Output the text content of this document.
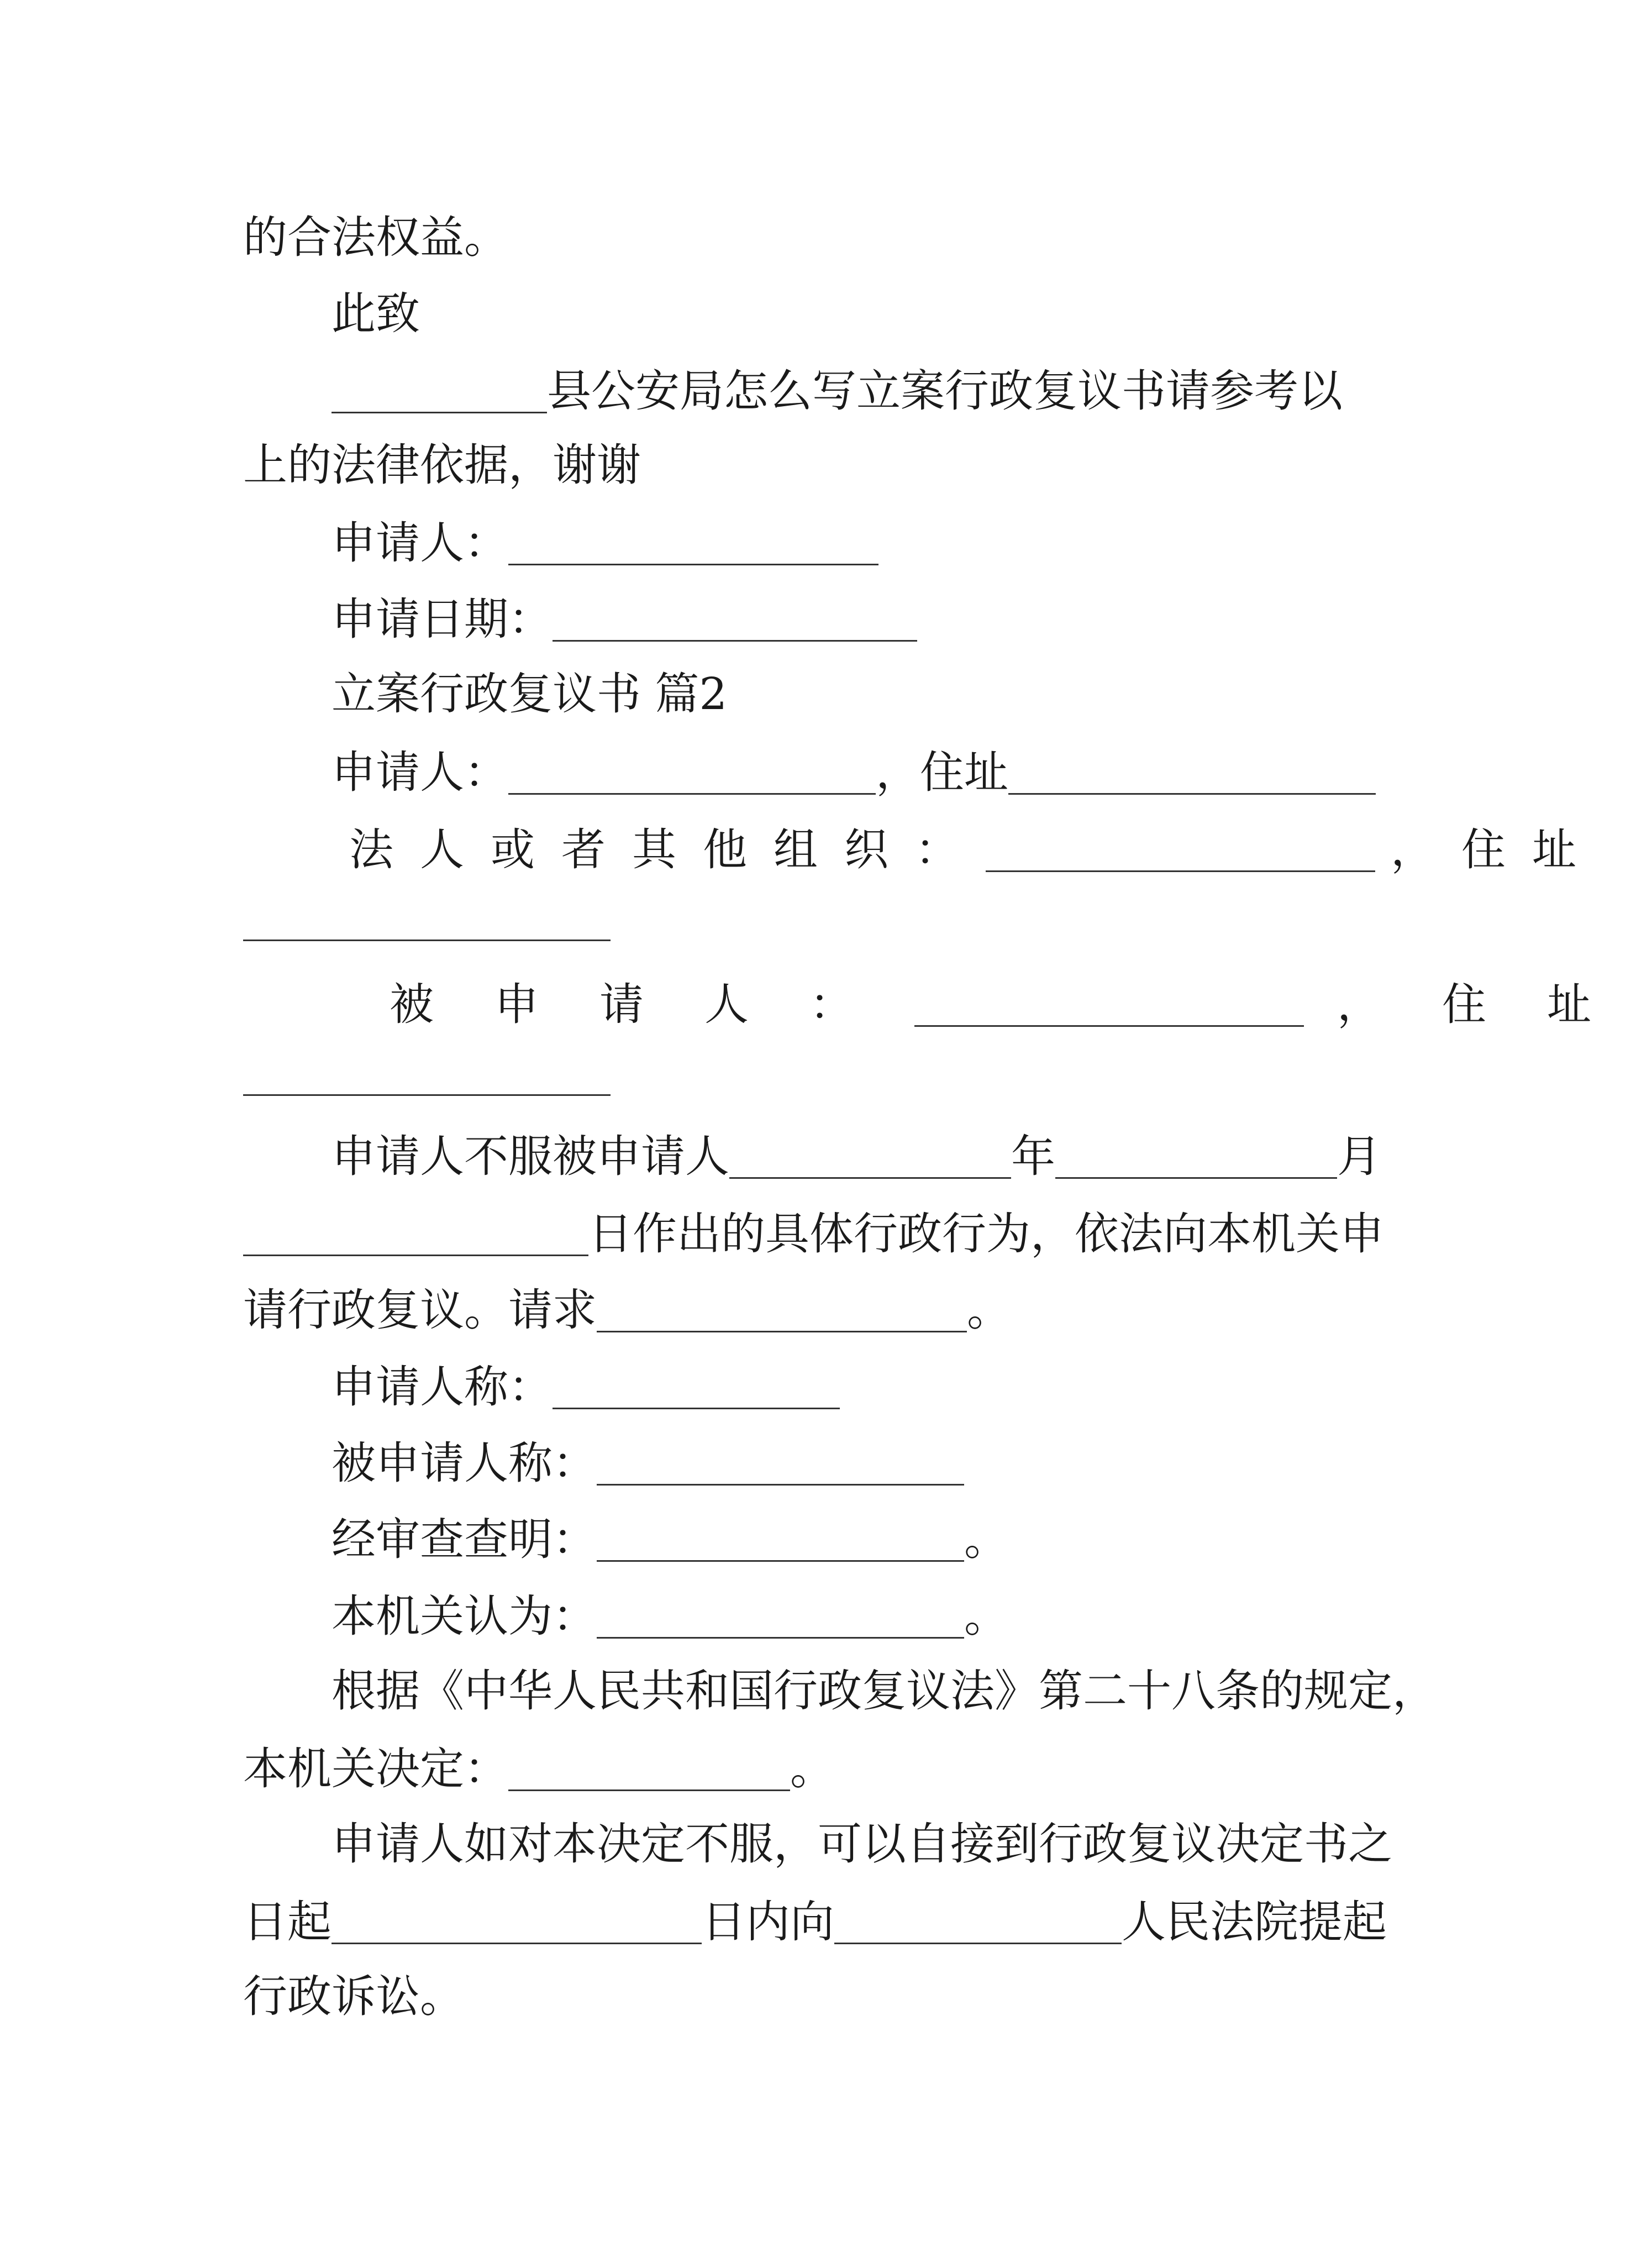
的合法权益。
此致
县公安局怎么写立案行政复议书请参考以
上的法律依据，谢谢
申请人：
申请日期：
立案行政复议书 篇2
申请人：	，住址
法人或者其他组织：	，住址
被申请人：	，住址
申请人不服被申请人	年	月
日作出的具体行政行为，依法向本机关申
请行政复议。请求	。
申请人称：
被申请人称：
经审查查明：	。
本机关认为：	。
根据《中华人民共和国行政复议法》第二十八条的规定，
本机关决定：	。
申请人如对本决定不服，可以自接到行政复议决定书之
日起	日内向	人民法院提起
行政诉讼。
